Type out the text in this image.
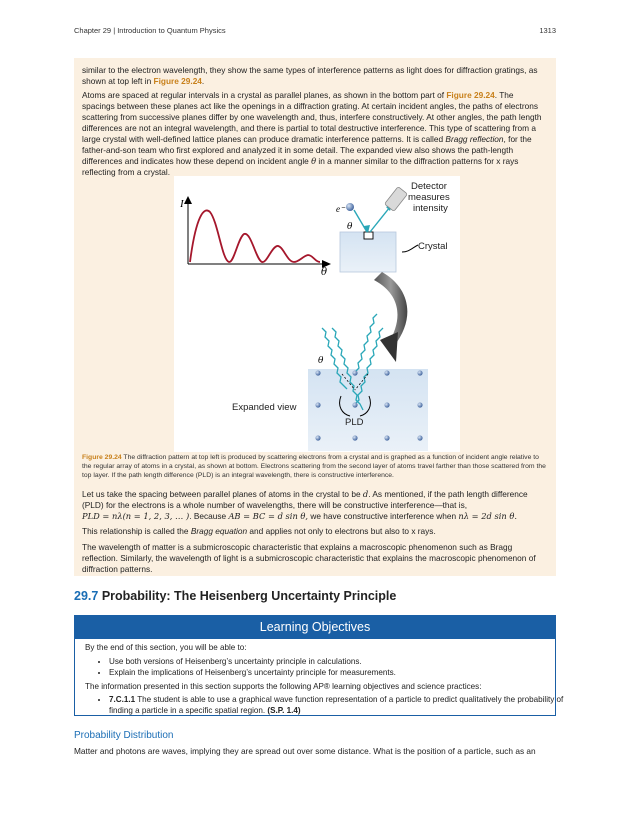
Chapter 29 | Introduction to Quantum Physics	1313

similar to the electron wavelength, they show the same types of interference patterns as light does for diffraction gratings, as shown at top left in Figure 29.24.

Atoms are spaced at regular intervals in a crystal as parallel planes, as shown in the bottom part of Figure 29.24. The spacings between these planes act like the openings in a diffraction grating. At certain incident angles, the paths of electrons scattering from successive planes differ by one wavelength and, thus, interfere constructively. At other angles, the path length differences are not an integral wavelength, and there is partial to total destructive interference. This type of scattering from a large crystal with well-defined lattice planes can produce dramatic interference patterns. It is called Bragg reflection, for the father-and-son team who first explored and analyzed it in some detail. The expanded view also shows the path-length differences and indicates how these depend on incident angle θ in a manner similar to the diffraction patterns for x rays reflecting from a crystal.

I
θ
e⁻
θ
Detector measures intensity
Crystal
θ
Expanded view
PLD

Figure 29.24 The diffraction pattern at top left is produced by scattering electrons from a crystal and is graphed as a function of incident angle relative to the regular array of atoms in a crystal, as shown at bottom. Electrons scattering from the second layer of atoms travel farther than those scattered from the top layer. If the path length difference (PLD) is an integral wavelength, there is constructive interference.

Let us take the spacing between parallel planes of atoms in the crystal to be d. As mentioned, if the path length difference (PLD) for the electrons is a whole number of wavelengths, there will be constructive interference—that is,
PLD = nλ(n = 1, 2, 3, … ). Because AB = BC = d sin θ, we have constructive interference when nλ = 2d sin θ.

This relationship is called the Bragg equation and applies not only to electrons but also to x rays.

The wavelength of matter is a submicroscopic characteristic that explains a macroscopic phenomenon such as Bragg reflection. Similarly, the wavelength of light is a submicroscopic characteristic that explains the macroscopic phenomenon of diffraction patterns.

29.7 Probability: The Heisenberg Uncertainty Principle
Learning Objectives

By the end of this section, you will be able to:

• Use both versions of Heisenberg’s uncertainty principle in calculations.
• Explain the implications of Heisenberg’s uncertainty principle for measurements.

The information presented in this section supports the following AP® learning objectives and science practices:

• 7.C.1.1 The student is able to use a graphical wave function representation of a particle to predict qualitatively the probability of finding a particle in a specific spatial region. (S.P. 1.4)
Probability Distribution

Matter and photons are waves, implying they are spread out over some distance. What is the position of a particle, such as an
